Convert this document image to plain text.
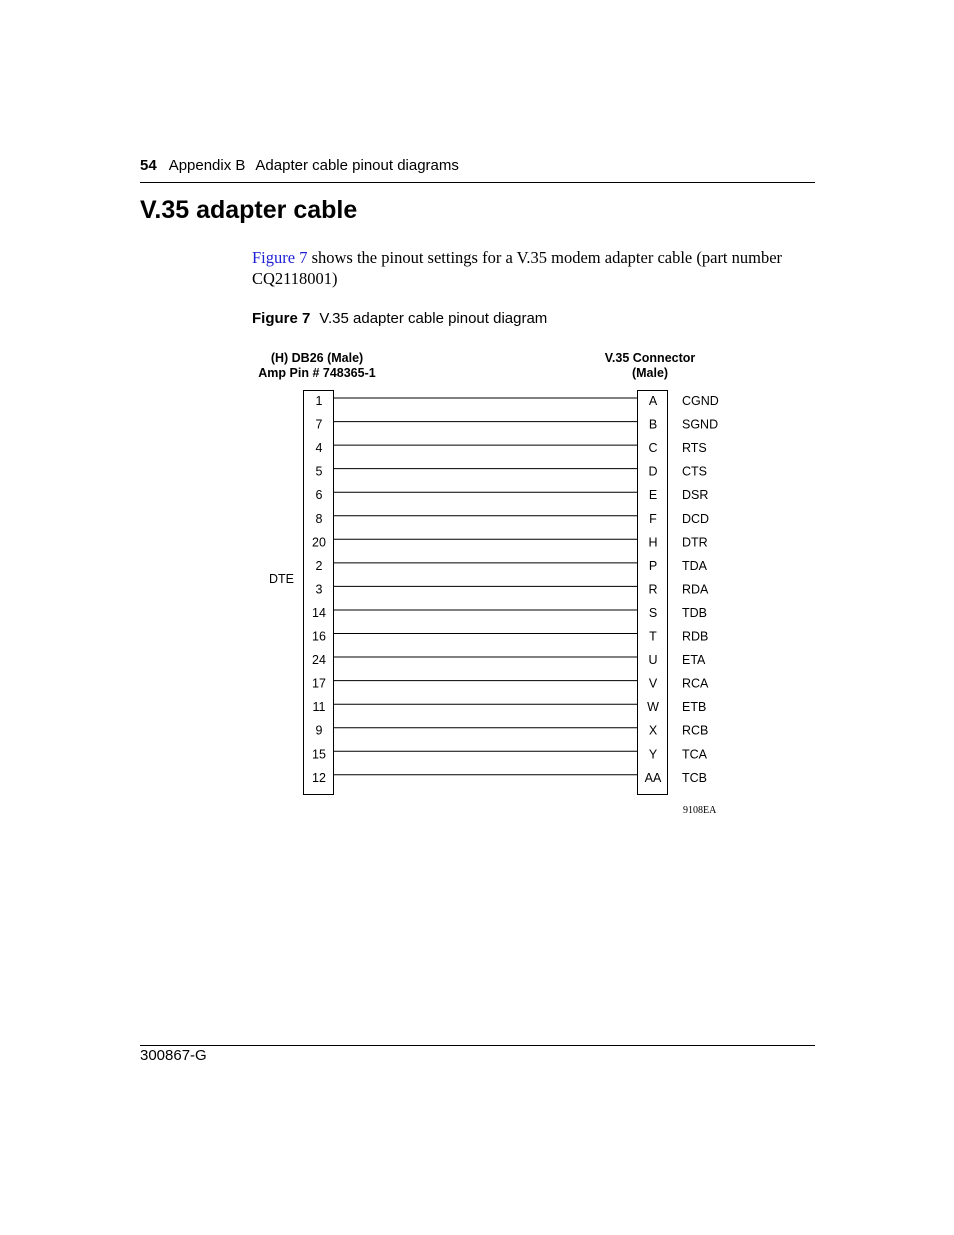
54 Appendix B Adapter cable pinout diagrams
V.35 adapter cable
Figure 7 shows the pinout settings for a V.35 modem adapter cable (part number CQ2118001)
Figure 7 V.35 adapter cable pinout diagram
(H) DB26 (Male)
Amp Pin # 748365-1
V.35 Connector
(Male)
DTE
1	A CGND
7	B SGND
4	C RTS
5	D CTS
6	E DSR
8	F DCD
20	H DTR
2	P TDA
3	R RDA
14	S TDB
16	T RDB
24	U ETA
17	V RCA
11	W ETB
9	X RCB
15	Y TCA
12	AA TCB
9108EA
300867-G
